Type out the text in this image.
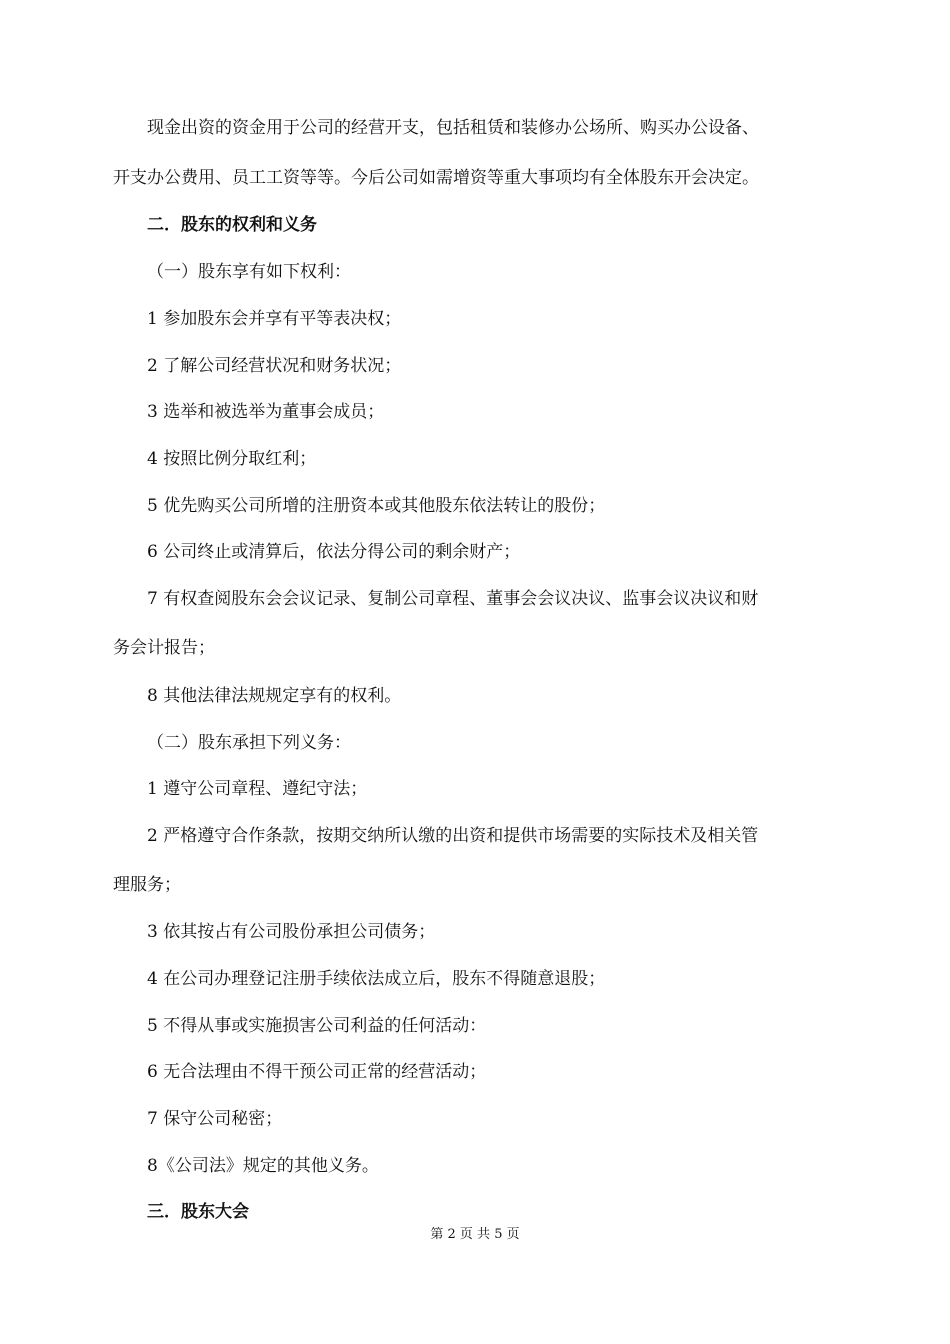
现金出资的资金用于公司的经营开支，包括租赁和装修办公场所、购买办公设备、
开支办公费用、员工工资等等。今后公司如需增资等重大事项均有全体股东开会决定。
二．股东的权利和义务
（一）股东享有如下权利：
1 参加股东会并享有平等表决权；
2 了解公司经营状况和财务状况；
3 选举和被选举为董事会成员；
4 按照比例分取红利；
5 优先购买公司所增的注册资本或其他股东依法转让的股份；
6 公司终止或清算后，依法分得公司的剩余财产；
7 有权查阅股东会会议记录、复制公司章程、董事会会议决议、监事会议决议和财
务会计报告；
8 其他法律法规规定享有的权利。
（二）股东承担下列义务：
1 遵守公司章程、遵纪守法；
2 严格遵守合作条款，按期交纳所认缴的出资和提供市场需要的实际技术及相关管
理服务；
3 依其按占有公司股份承担公司债务；
4 在公司办理登记注册手续依法成立后，股东不得随意退股；
5 不得从事或实施损害公司利益的任何活动：
6 无合法理由不得干预公司正常的经营活动；
7 保守公司秘密；
8《公司法》规定的其他义务。
三．股东大会
第 2 页 共 5 页
